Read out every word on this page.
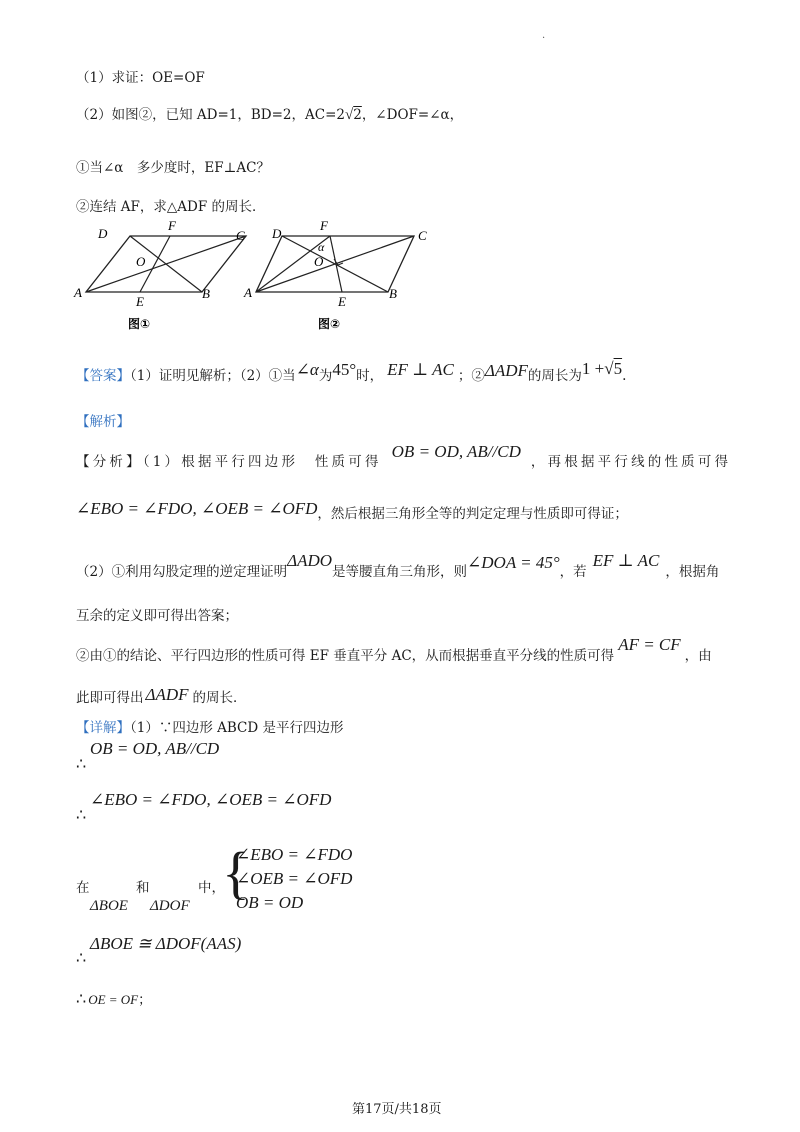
.
（1）求证：OE=OF
（2）如图②，已知 AD=1，BD=2，AC=2√2，∠DOF=∠α，
①当∠α　多少度时，EF⊥AC？
②连结 AF，求△ADF 的周长．
D
F
C
O
A
E
B
图①
D
F
C
α
O
A
E
B
图②
【答案】（1）证明见解析；（2）①当∠α为45°时， EF ⊥ AC ；②ΔADF的周长为1 +√5.
【解析】
【分析】（1）根据平行四边形　性质可得OB = OD, AB//CD，再根据平行线的性质可得
∠EBO = ∠FDO, ∠OEB = ∠OFD，然后根据三角形全等的判定定理与性质即可得证；
（2）①利用勾股定理的逆定理证明ΔADO是等腰直角三角形，则∠DOA = 45°，若EF ⊥ AC，根据角
互余的定义即可得出答案；
②由①的结论、平行四边形的性质可得 EF 垂直平分 AC，从而根据垂直平分线的性质可得AF = CF，由
此即可得出 ΔADF 的周长．
【详解】（1）∵四边形 ABCD 是平行四边形
OB = OD, AB//CD
∴
∠EBO = ∠FDO, ∠OEB = ∠OFD
∴
在	和	中，
ΔBOE ΔDOF
{
∠EBO = ∠FDO
∠OEB = ∠OFD
OB = OD
ΔBOE ≅ ΔDOF(AAS)
∴
∴ OE = OF；
第17页/共18页
